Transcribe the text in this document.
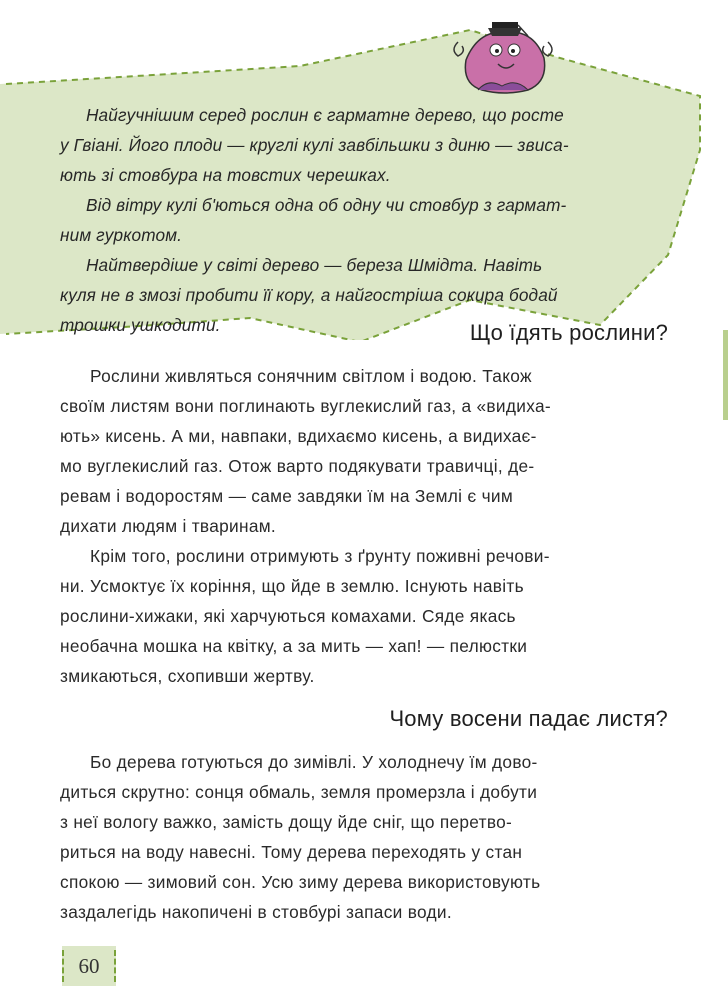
Найгучнішим серед рослин є гарматне дерево, що росте

у Гвіані. Його плоди — круглі кулі завбільшки з диню — звиса-

ють зі стовбура на товстих черешках.

Від вітру кулі б'ються одна об одну чи стовбур з гармат-

ним гуркотом.

Найтвердіше у світі дерево — береза Шмідта. Навіть

куля не в змозі пробити її кору, а найгостріша сокира бодай

трошки ушкодити.	Що їдять рослини?

Рослини живляться сонячним світлом і водою. Також

своїм листям вони поглинають вуглекислий газ, а «видиха-

ють» кисень. А ми, навпаки, вдихаємо кисень, а видихає-

мо вуглекислий газ. Отож варто подякувати травичці, де-

ревам і водоростям — саме завдяки їм на Землі є чим

дихати людям і тваринам.

Крім того, рослини отримують з ґрунту поживні речови-

ни. Усмоктує їх коріння, що йде в землю. Існують навіть

рослини-хижаки, які харчуються комахами. Сяде якась

необачна мошка на квітку, а за мить — хап! — пелюстки

змикаються, схопивши жертву.

Чому восени падає листя?

Бо дерева готуються до зимівлі. У холоднечу їм дово-

диться скрутно: сонця обмаль, земля промерзла і добути

з неї вологу важко, замість дощу йде сніг, що перетво-

риться на воду навесні. Тому дерева переходять у стан

спокою — зимовий сон. Усю зиму дерева використовують

заздалегідь накопичені в стовбурі запаси води.

60
